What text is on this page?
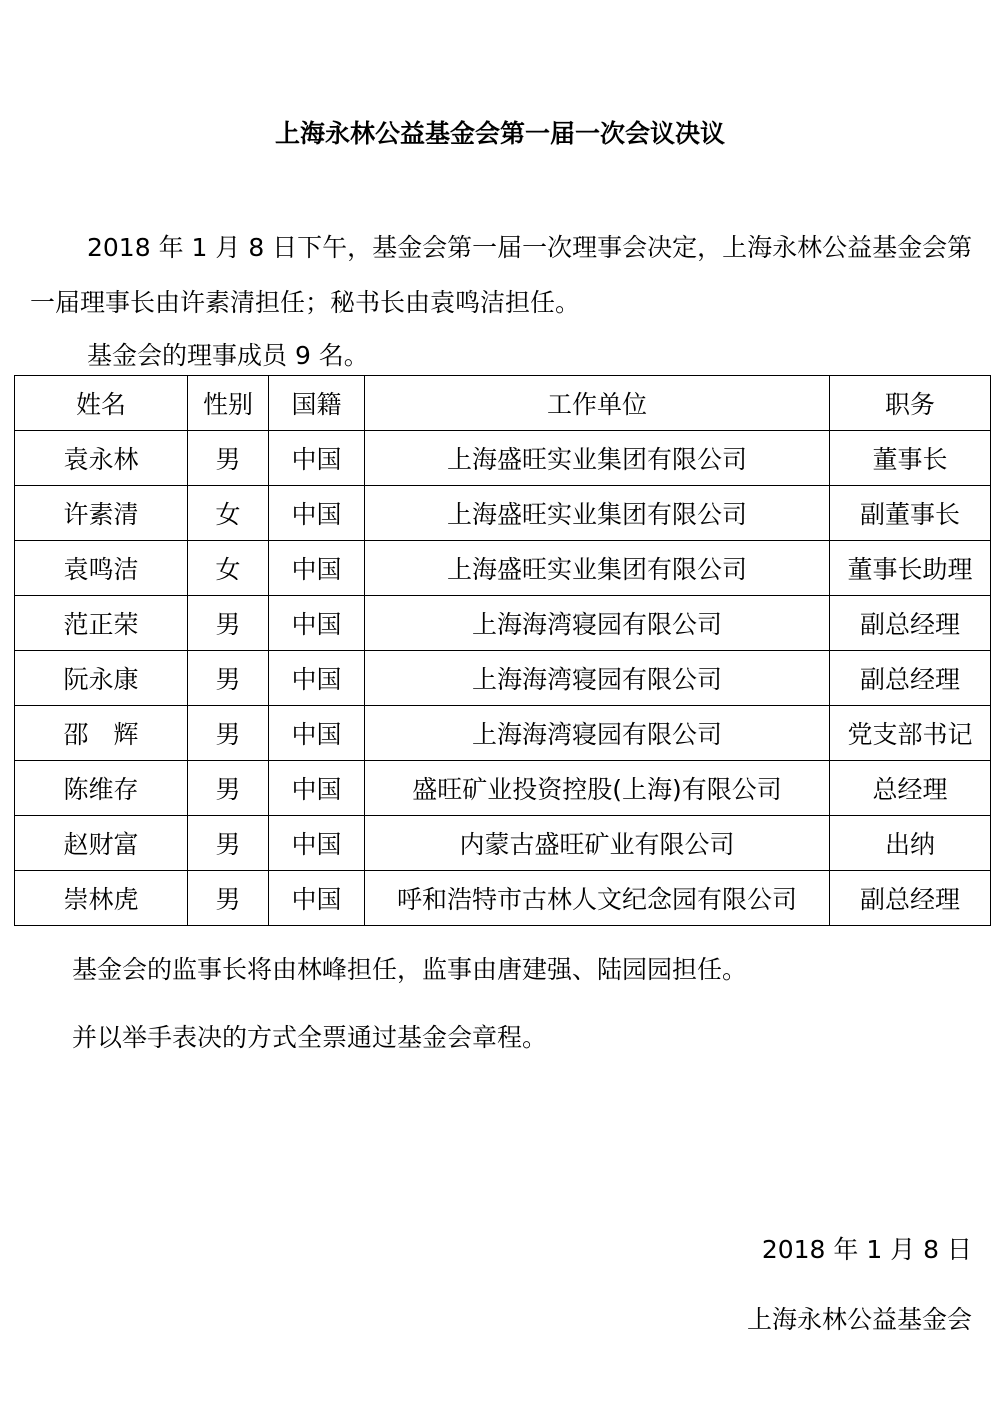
上海永林公益基金会第一届一次会议决议

2018 年 1 月 8 日下午，基金会第一届一次理事会决定，上海永林公益基金会第一届理事长由许素清担任；秘书长由袁鸣洁担任。

基金会的理事成员 9 名。

姓名	性别	国籍	工作单位	职务
袁永林	男	中国	上海盛旺实业集团有限公司	董事长
许素清	女	中国	上海盛旺实业集团有限公司	副董事长
袁鸣洁	女	中国	上海盛旺实业集团有限公司	董事长助理
范正荣	男	中国	上海海湾寝园有限公司	副总经理
阮永康	男	中国	上海海湾寝园有限公司	副总经理
邵　辉	男	中国	上海海湾寝园有限公司	党支部书记
陈维存	男	中国	盛旺矿业投资控股(上海)有限公司	总经理
赵财富	男	中国	内蒙古盛旺矿业有限公司	出纳
崇林虎	男	中国	呼和浩特市古林人文纪念园有限公司	副总经理

基金会的监事长将由林峰担任，监事由唐建强、陆园园担任。

并以举手表决的方式全票通过基金会章程。

2018 年 1 月 8 日

上海永林公益基金会
